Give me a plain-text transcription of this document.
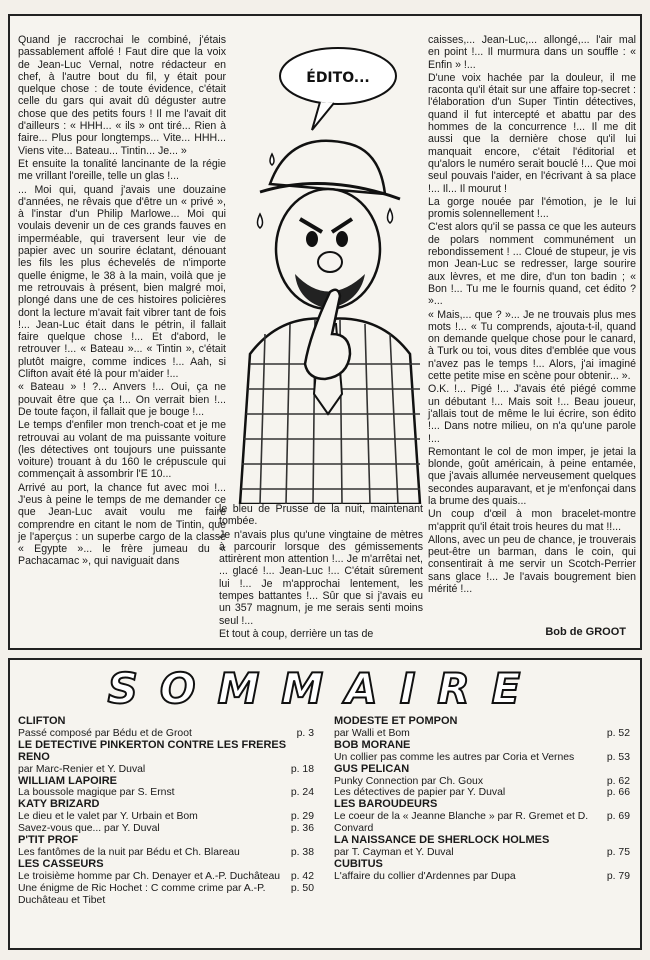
Quand je raccrochai le combiné, j'étais passablement affolé ! Faut dire que la voix de Jean-Luc Vernal, notre rédacteur en chef, à l'autre bout du fil, y était pour quelque chose : de toute évidence, c'était celle du gars qui avait dû déguster autre chose que des petits fours ! Il me l'avait dit d'ailleurs : « HHH... « ils » ont tiré... Rien à faire... Plus pour longtemps... Vite... HHH... Viens vite... Bateau... Tintin... Je... »

Et ensuite la tonalité lancinante de la régie me vrillant l'oreille, telle un glas !...

... Moi qui, quand j'avais une douzaine d'années, ne rêvais que d'être un « privé », à l'instar d'un Philip Marlowe... Moi qui voulais devenir un de ces grands fauves en imperméable, qui traversent leur vie de papier avec un sourire éclatant, dénouant les fils les plus échevelés de n'importe quelle énigme, le 38 à la main, voilà que je me retrouvais à présent, bien malgré moi, plongé dans une de ces histoires policières dont la lecture m'avait fait vibrer tant de fois !... Jean-Luc était dans le pétrin, il fallait faire quelque chose !... Et d'abord, le retrouver !... « Bateau »... « Tintin », c'était plutôt maigre, comme indices !... Aah, si Clifton avait été là pour m'aider !...

« Bateau » ! ?... Anvers !... Oui, ça ne pouvait être que ça !... On verrait bien !... De toute façon, il fallait que je bouge !...

Le temps d'enfiler mon trench-coat et je me retrouvai au volant de ma puissante voiture (les détectives ont toujours une puissante voiture) trouant à du 160 le crépuscule qui commençait à assombrir l'E 10...

Arrivé au port, la chance fut avec moi !... J'eus à peine le temps de me demander ce que Jean-Luc avait voulu me faire comprendre en citant le nom de Tintin, que je l'aperçus : un superbe cargo de la classe « Egypte »... le frère jumeau du « Pachacamac », qui naviguait dans

ÉDITO...

le bleu de Prusse de la nuit, maintenant tombée.

Je n'avais plus qu'une vingtaine de mètres à parcourir lorsque des gémissements attirèrent mon attention !... Je m'arrêtai net, ... glacé !... Jean-Luc !... C'était sûrement lui !... Je m'approchai lentement, les tempes battantes !... Sûr que si j'avais eu un 357 magnum, je me serais senti moins seul !...

Et tout à coup, derrière un tas de

caisses,... Jean-Luc,... allongé,... l'air mal en point !... Il murmura dans un souffle : « Enfin » !...

D'une voix hachée par la douleur, il me raconta qu'il était sur une affaire top-secret : l'élaboration d'un Super Tintin détectives, quand il fut intercepté et abattu par des hommes de la concurrence !... Il me dit aussi que la dernière chose qu'il lui manquait encore, c'était l'éditorial et qu'alors le numéro serait bouclé !... Que moi seul pouvais l'aider, en l'écrivant à sa place !... Il... Il mourut !

La gorge nouée par l'émotion, je le lui promis solennellement !...

C'est alors qu'il se passa ce que les auteurs de polars nomment communément un rebondissement ! ... Cloué de stupeur, je vis mon Jean-Luc se redresser, large sourire aux lèvres, et me dire, d'un ton badin ; « Bon !... Tu me le fournis quand, cet édito ? »...

« Mais,... que ? »... Je ne trouvais plus mes mots !... « Tu comprends, ajouta-t-il, quand on demande quelque chose pour le canard, à Turk ou toi, vous dites d'emblée que vous n'avez pas le temps !... Alors, j'ai imaginé cette petite mise en scène pour obtenir... ».

O.K. !... Pigé !... J'avais été piégé comme un débutant !... Mais soit !... Beau joueur, j'allais tout de même le lui écrire, son édito !... Dans notre milieu, on n'a qu'une parole !...

Remontant le col de mon imper, je jetai la blonde, goût américain, à peine entamée, que j'avais allumée nerveusement quelques secondes auparavant, et je m'enfonçai dans la brume des quais...

Un coup d'œil à mon bracelet-montre m'apprit qu'il était trois heures du mat !!...

Allons, avec un peu de chance, je trouverais peut-être un barman, dans le coin, qui consentirait à me servir un Scotch-Perrier sans glace !... Je l'avais bougrement bien mérité !...

Bob de GROOT
SOMMAIRE
CLIFTON
Passé composé par Bédu et de Groot	p. 3
LE DETECTIVE PINKERTON CONTRE LES FRERES RENO
par Marc-Renier et Y. Duval	p. 18
WILLIAM LAPOIRE
La boussole magique par S. Ernst	p. 24
KATY BRIZARD
Le dieu et le valet par Y. Urbain et Bom	p. 29
Savez-vous que... par Y. Duval	p. 36
P'TIT PROF
Les fantômes de la nuit par Bédu et Ch. Blareau	p. 38
LES CASSEURS
Le troisième homme par Ch. Denayer et A.-P. Duchâteau	p. 42
Une énigme de Ric Hochet : C comme crime par A.-P. Duchâteau et Tibet
p. 50
MODESTE ET POMPON
par Walli et Bom	p. 52
BOB MORANE
Un collier pas comme les autres par Coria et Vernes	p. 53
GUS PELICAN
Punky Connection par Ch. Goux	p. 62
Les détectives de papier par Y. Duval	p. 66
LES BAROUDEURS
Le coeur de la « Jeanne Blanche » par R. Gremet et D. Convard
p. 69
LA NAISSANCE DE SHERLOCK HOLMES
par T. Cayman et Y. Duval	p. 75
CUBITUS
L'affaire du collier d'Ardennes par Dupa	p. 79
